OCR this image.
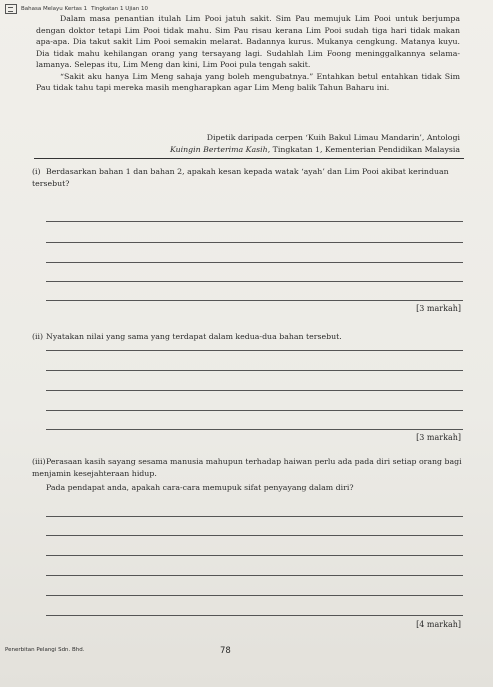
Bahasa Melayu Kertas 1 Tingkatan 1 Ujian 10

Dalam masa penantian itulah Lim Pooi jatuh sakit. Sim Pau memujuk Lim Pooi untuk berjumpa dengan doktor tetapi Lim Pooi tidak mahu. Sim Pau risau kerana Lim Pooi sudah tiga hari tidak makan apa-apa. Dia takut sakit Lim Pooi semakin melarat. Badannya kurus. Mukanya cengkung. Matanya kuyu. Dia tidak mahu kehilangan orang yang tersayang lagi. Sudahlah Lim Foong meninggalkannya selama-lamanya. Selepas itu, Lim Meng dan kini, Lim Pooi pula tengah sakit.

“Sakit aku hanya Lim Meng sahaja yang boleh mengubatnya.” Entahkan betul entahkan tidak Sim Pau tidak tahu tapi mereka masih mengharapkan agar Lim Meng balik Tahun Baharu ini.

Dipetik daripada cerpen ‘Kuih Bakul Limau Mandarin’, Antologi
Kuingin Berterima Kasih, Tingkatan 1, Kementerian Pendidikan Malaysia
(i) Berdasarkan bahan 1 dan bahan 2, apakah kesan kepada watak ‘ayah’ dan Lim Pooi akibat kerinduan tersebut?
[3 markah]
(ii) Nyatakan nilai yang sama yang terdapat dalam kedua-dua bahan tersebut.
[3 markah]
(iii)Perasaan kasih sayang sesama manusia mahupun terhadap haiwan perlu ada pada diri setiap orang bagi menjamin kesejahteraan hidup.
Pada pendapat anda, apakah cara-cara memupuk sifat penyayang dalam diri?
[4 markah]
Penerbitan Pelangi Sdn. Bhd.	78
